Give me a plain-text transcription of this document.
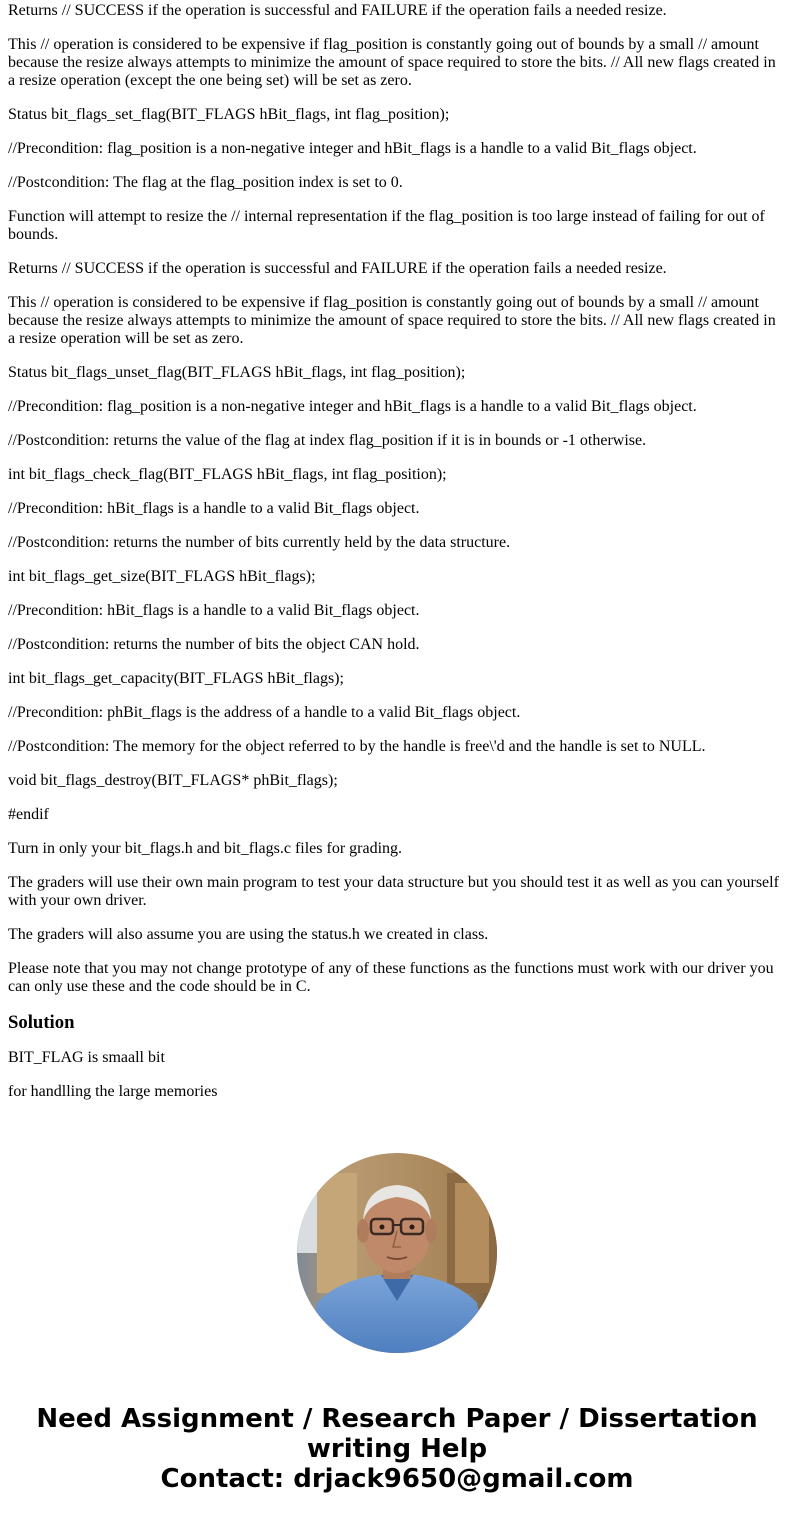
Returns // SUCCESS if the operation is successful and FAILURE if the operation fails a needed resize.

This // operation is considered to be expensive if flag_position is constantly going out of bounds by a small // amount because the resize always attempts to minimize the amount of space required to store the bits. // All new flags created in a resize operation (except the one being set) will be set as zero.

Status bit_flags_set_flag(BIT_FLAGS hBit_flags, int flag_position);

//Precondition: flag_position is a non-negative integer and hBit_flags is a handle to a valid Bit_flags object.

//Postcondition: The flag at the flag_position index is set to 0.

Function will attempt to resize the // internal representation if the flag_position is too large instead of failing for out of bounds.

Returns // SUCCESS if the operation is successful and FAILURE if the operation fails a needed resize.

This // operation is considered to be expensive if flag_position is constantly going out of bounds by a small // amount because the resize always attempts to minimize the amount of space required to store the bits. // All new flags created in a resize operation will be set as zero.

Status bit_flags_unset_flag(BIT_FLAGS hBit_flags, int flag_position);

//Precondition: flag_position is a non-negative integer and hBit_flags is a handle to a valid Bit_flags object.

//Postcondition: returns the value of the flag at index flag_position if it is in bounds or -1 otherwise.

int bit_flags_check_flag(BIT_FLAGS hBit_flags, int flag_position);

//Precondition: hBit_flags is a handle to a valid Bit_flags object.

//Postcondition: returns the number of bits currently held by the data structure.

int bit_flags_get_size(BIT_FLAGS hBit_flags);

//Precondition: hBit_flags is a handle to a valid Bit_flags object.

//Postcondition: returns the number of bits the object CAN hold.

int bit_flags_get_capacity(BIT_FLAGS hBit_flags);

//Precondition: phBit_flags is the address of a handle to a valid Bit_flags object.

//Postcondition: The memory for the object referred to by the handle is free\'d and the handle is set to NULL.

void bit_flags_destroy(BIT_FLAGS* phBit_flags);

#endif

Turn in only your bit_flags.h and bit_flags.c files for grading.

The graders will use their own main program to test your data structure but you should test it as well as you can yourself with your own driver.

The graders will also assume you are using the status.h we created in class.

Please note that you may not change prototype of any of these functions as the functions must work with our driver you can only use these and the code should be in C.

Solution

BIT_FLAG is smaall bit

for handlling the large memories

Need Assignment / Research Paper / Dissertation
writing Help
Contact: drjack9650@gmail.com
